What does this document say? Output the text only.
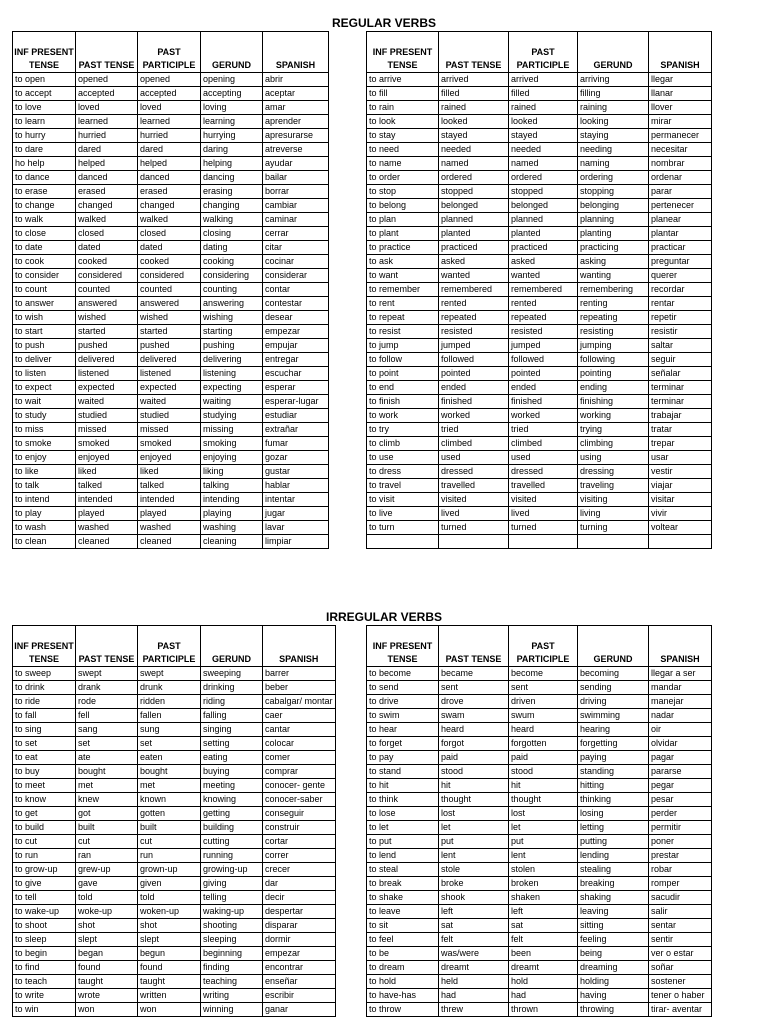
REGULAR VERBS
INF PRESENT TENSE	PAST TENSE	PAST PARTICIPLE	GERUND	SPANISH
to open	opened	opened	opening	abrir
to accept	accepted	accepted	accepting	aceptar
to love	loved	loved	loving	amar
to learn	learned	learned	learning	aprender
to hurry	hurried	hurried	hurrying	apresurarse
to dare	dared	dared	daring	atreverse
ho help	helped	helped	helping	ayudar
to dance	danced	danced	dancing	bailar
to erase	erased	erased	erasing	borrar
to change	changed	changed	changing	cambiar
to walk	walked	walked	walking	caminar
to close	closed	closed	closing	cerrar
to date	dated	dated	dating	citar
to cook	cooked	cooked	cooking	cocinar
to consider	considered	considered	considering	considerar
to count	counted	counted	counting	contar
to answer	answered	answered	answering	contestar
to wish	wished	wished	wishing	desear
to start	started	started	starting	empezar
to push	pushed	pushed	pushing	empujar
to deliver	delivered	delivered	delivering	entregar
to listen	listened	listened	listening	escuchar
to expect	expected	expected	expecting	esperar
to wait	waited	waited	waiting	esperar-lugar
to study	studied	studied	studying	estudiar
to miss	missed	missed	missing	extrañar
to smoke	smoked	smoked	smoking	fumar
to enjoy	enjoyed	enjoyed	enjoying	gozar
to like	liked	liked	liking	gustar
to talk	talked	talked	talking	hablar
to intend	intended	intended	intending	intentar
to play	played	played	playing	jugar
to wash	washed	washed	washing	lavar
to clean	cleaned	cleaned	cleaning	limpiar
INF PRESENT TENSE	PAST TENSE	PAST PARTICIPLE	GERUND	SPANISH
to arrive	arrived	arrived	arriving	llegar
to fill	filled	filled	filling	llanar
to rain	rained	rained	raining	llover
to look	looked	looked	looking	mirar
to stay	stayed	stayed	staying	permanecer
to need	needed	needed	needing	necesitar
to name	named	named	naming	nombrar
to order	ordered	ordered	ordering	ordenar
to stop	stopped	stopped	stopping	parar
to belong	belonged	belonged	belonging	pertenecer
to plan	planned	planned	planning	planear
to plant	planted	planted	planting	plantar
to practice	practiced	practiced	practicing	practicar
to ask	asked	asked	asking	preguntar
to want	wanted	wanted	wanting	querer
to remember	remembered	remembered	remembering	recordar
to rent	rented	rented	renting	rentar
to repeat	repeated	repeated	repeating	repetir
to resist	resisted	resisted	resisting	resistir
to jump	jumped	jumped	jumping	saltar
to follow	followed	followed	following	seguir
to point	pointed	pointed	pointing	señalar
to end	ended	ended	ending	terminar
to finish	finished	finished	finishing	terminar
to work	worked	worked	working	trabajar
to try	tried	tried	trying	tratar
to climb	climbed	climbed	climbing	trepar
to use	used	used	using	usar
to dress	dressed	dressed	dressing	vestir
to travel	travelled	travelled	traveling	viajar
to visit	visited	visited	visiting	visitar
to live	lived	lived	living	vivir
to turn	turned	turned	turning	voltear

IRREGULAR VERBS
INF PRESENT TENSE	PAST TENSE	PAST PARTICIPLE	GERUND	SPANISH
to sweep	swept	swept	sweeping	barrer
to drink	drank	drunk	drinking	beber
to ride	rode	ridden	riding	cabalgar/ montar
to fall	fell	fallen	falling	caer
to sing	sang	sung	singing	cantar
to set	set	set	setting	colocar
to eat	ate	eaten	eating	comer
to buy	bought	bought	buying	comprar
to meet	met	met	meeting	conocer- gente
to know	knew	known	knowing	conocer-saber
to get	got	gotten	getting	conseguir
to build	built	built	building	construir
to cut	cut	cut	cutting	cortar
to run	ran	run	running	correr
to grow-up	grew-up	grown-up	growing-up	crecer
to give	gave	given	giving	dar
to tell	told	told	telling	decir
to wake-up	woke-up	woken-up	waking-up	despertar
to shoot	shot	shot	shooting	disparar
to sleep	slept	slept	sleeping	dormir
to begin	began	begun	beginning	empezar
to find	found	found	finding	encontrar
to teach	taught	taught	teaching	enseñar
to write	wrote	written	writing	escribir
to win	won	won	winning	ganar
INF PRESENT TENSE	PAST TENSE	PAST PARTICIPLE	GERUND	SPANISH
to become	became	become	becoming	llegar a ser
to send	sent	sent	sending	mandar
to drive	drove	driven	driving	manejar
to swim	swam	swum	swimming	nadar
to hear	heard	heard	hearing	oir
to forget	forgot	forgotten	forgetting	olvidar
to pay	paid	paid	paying	pagar
to stand	stood	stood	standing	pararse
to hit	hit	hit	hitting	pegar
to think	thought	thought	thinking	pesar
to lose	lost	lost	losing	perder
to let	let	let	letting	permitir
to put	put	put	putting	poner
to lend	lent	lent	lending	prestar
to steal	stole	stolen	stealing	robar
to break	broke	broken	breaking	romper
to shake	shook	shaken	shaking	sacudir
to leave	left	left	leaving	salir
to sit	sat	sat	sitting	sentar
to feel	felt	felt	feeling	sentir
to be	was/were	been	being	ver o estar
to dream	dreamt	dreamt	dreaming	soñar
to hold	held	hold	holding	sostener
to have-has	had	had	having	tener o haber
to throw	threw	thrown	throwing	tirar- aventar
